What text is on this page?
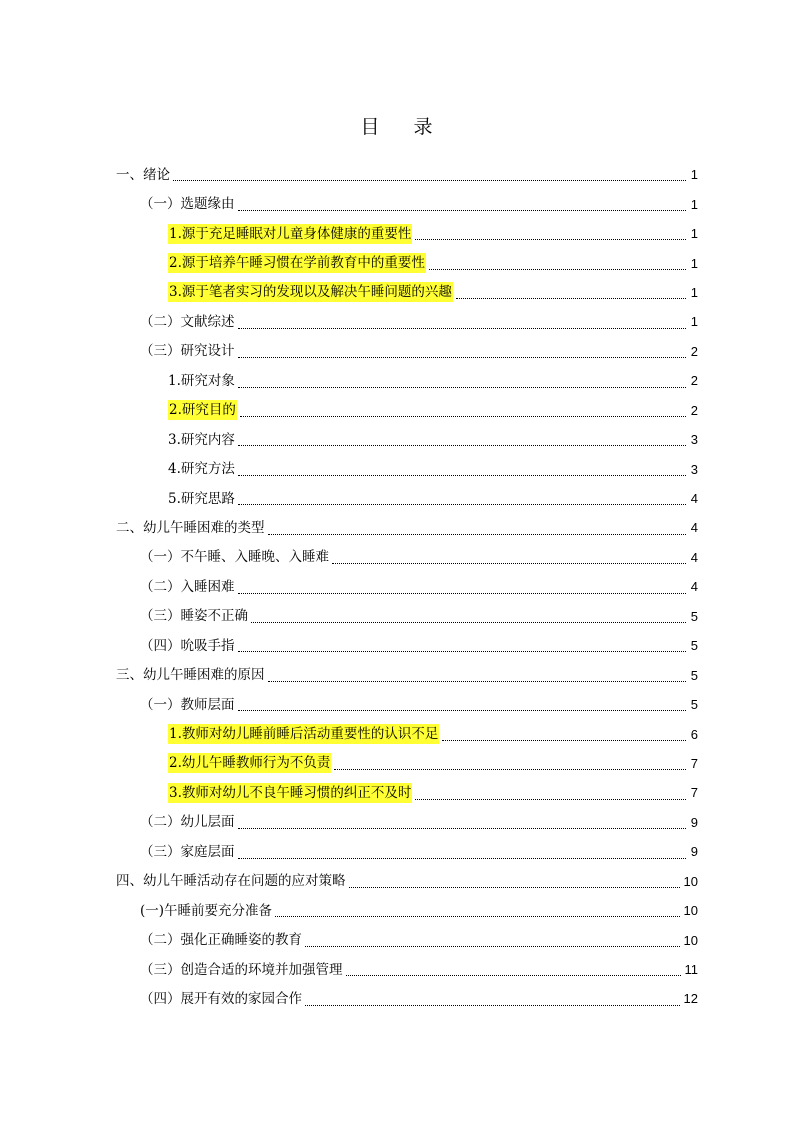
目 录
一、绪论	1
（一）选题缘由	1
1.源于充足睡眠对儿童身体健康的重要性	1
2.源于培养午睡习惯在学前教育中的重要性	1
3.源于笔者实习的发现以及解决午睡问题的兴趣	1
（二）文献综述	1
（三）研究设计	2
1.研究对象	2
2.研究目的	2
3.研究内容	3
4.研究方法	3
5.研究思路	4
二、幼儿午睡困难的类型	4
（一）不午睡、入睡晚、入睡难	4
（二）入睡困难	4
（三）睡姿不正确	5
（四）吮吸手指	5
三、幼儿午睡困难的原因	5
（一）教师层面	5
1.教师对幼儿睡前睡后活动重要性的认识不足	6
2.幼儿午睡教师行为不负责	7
3.教师对幼儿不良午睡习惯的纠正不及时	7
（二）幼儿层面	9
（三）家庭层面	9
四、幼儿午睡活动存在问题的应对策略	10
(一)午睡前要充分准备	10
（二）强化正确睡姿的教育	10
（三）创造合适的环境并加强管理	11
（四）展开有效的家园合作	12
